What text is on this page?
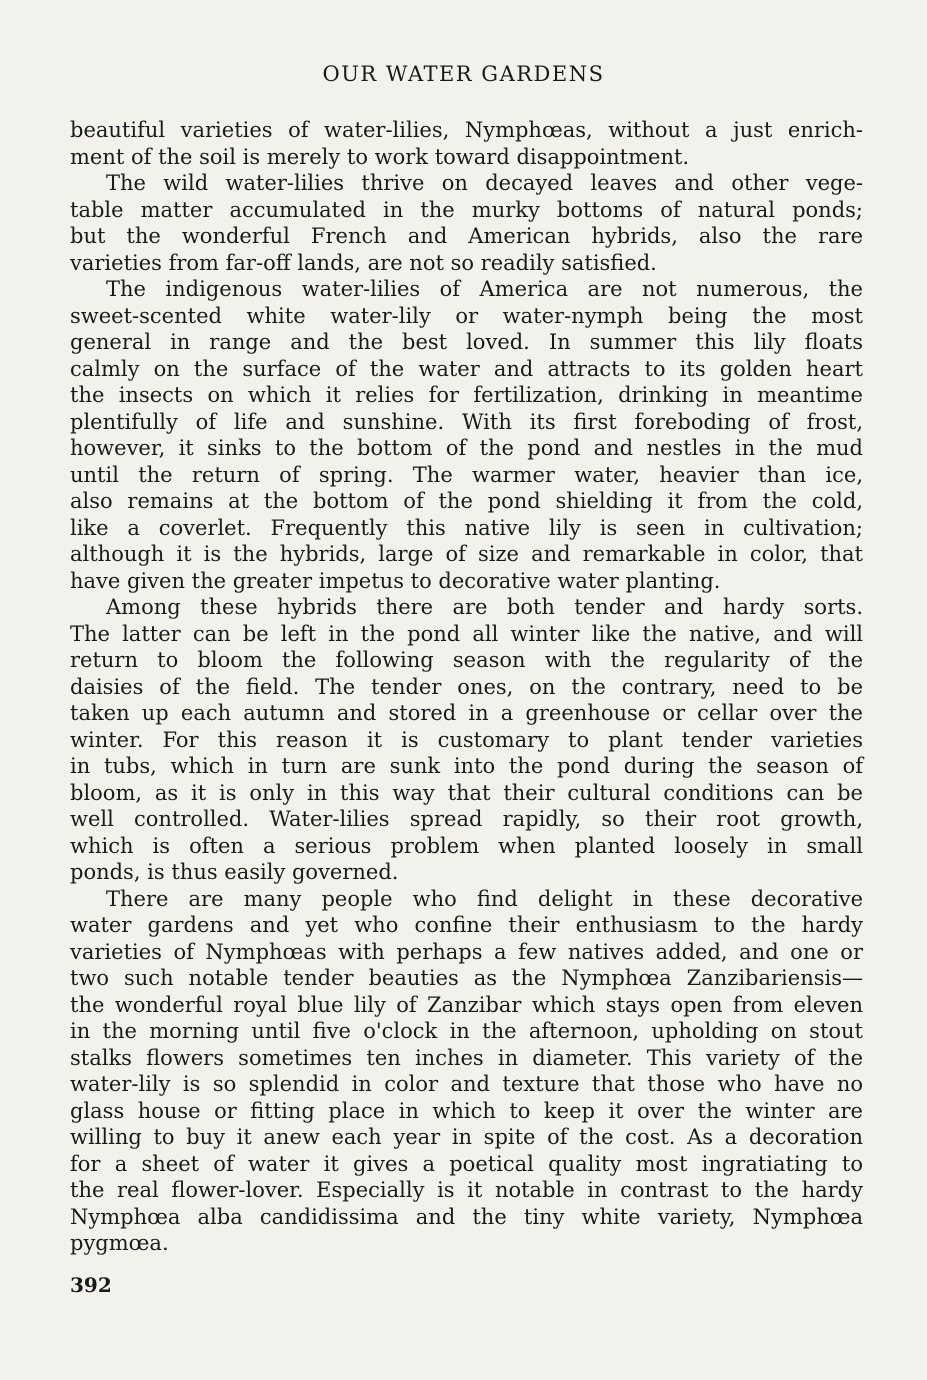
OUR WATER GARDENS
beautiful varieties of water-lilies, Nymphœas, without a just enrich-
ment of the soil is merely to work toward disappointment.
The wild water-lilies thrive on decayed leaves and other vege-
table matter accumulated in the murky bottoms of natural ponds;
but the wonderful French and American hybrids, also the rare
varieties from far-off lands, are not so readily satisfied.
The indigenous water-lilies of America are not numerous, the
sweet-scented white water-lily or water-nymph being the most
general in range and the best loved. In summer this lily floats
calmly on the surface of the water and attracts to its golden heart
the insects on which it relies for fertilization, drinking in meantime
plentifully of life and sunshine. With its first foreboding of frost,
however, it sinks to the bottom of the pond and nestles in the mud
until the return of spring. The warmer water, heavier than ice,
also remains at the bottom of the pond shielding it from the cold,
like a coverlet. Frequently this native lily is seen in cultivation;
although it is the hybrids, large of size and remarkable in color, that
have given the greater impetus to decorative water planting.
Among these hybrids there are both tender and hardy sorts.
The latter can be left in the pond all winter like the native, and will
return to bloom the following season with the regularity of the
daisies of the field. The tender ones, on the contrary, need to be
taken up each autumn and stored in a greenhouse or cellar over the
winter. For this reason it is customary to plant tender varieties
in tubs, which in turn are sunk into the pond during the season of
bloom, as it is only in this way that their cultural conditions can be
well controlled. Water-lilies spread rapidly, so their root growth,
which is often a serious problem when planted loosely in small
ponds, is thus easily governed.
There are many people who find delight in these decorative
water gardens and yet who confine their enthusiasm to the hardy
varieties of Nymphœas with perhaps a few natives added, and one or
two such notable tender beauties as the Nymphœa Zanzibariensis—
the wonderful royal blue lily of Zanzibar which stays open from eleven
in the morning until five o'clock in the afternoon, upholding on stout
stalks flowers sometimes ten inches in diameter. This variety of the
water-lily is so splendid in color and texture that those who have no
glass house or fitting place in which to keep it over the winter are
willing to buy it anew each year in spite of the cost. As a decoration
for a sheet of water it gives a poetical quality most ingratiating to
the real flower-lover. Especially is it notable in contrast to the hardy
Nymphœa alba candidissima and the tiny white variety, Nymphœa
pygmœa.
392
